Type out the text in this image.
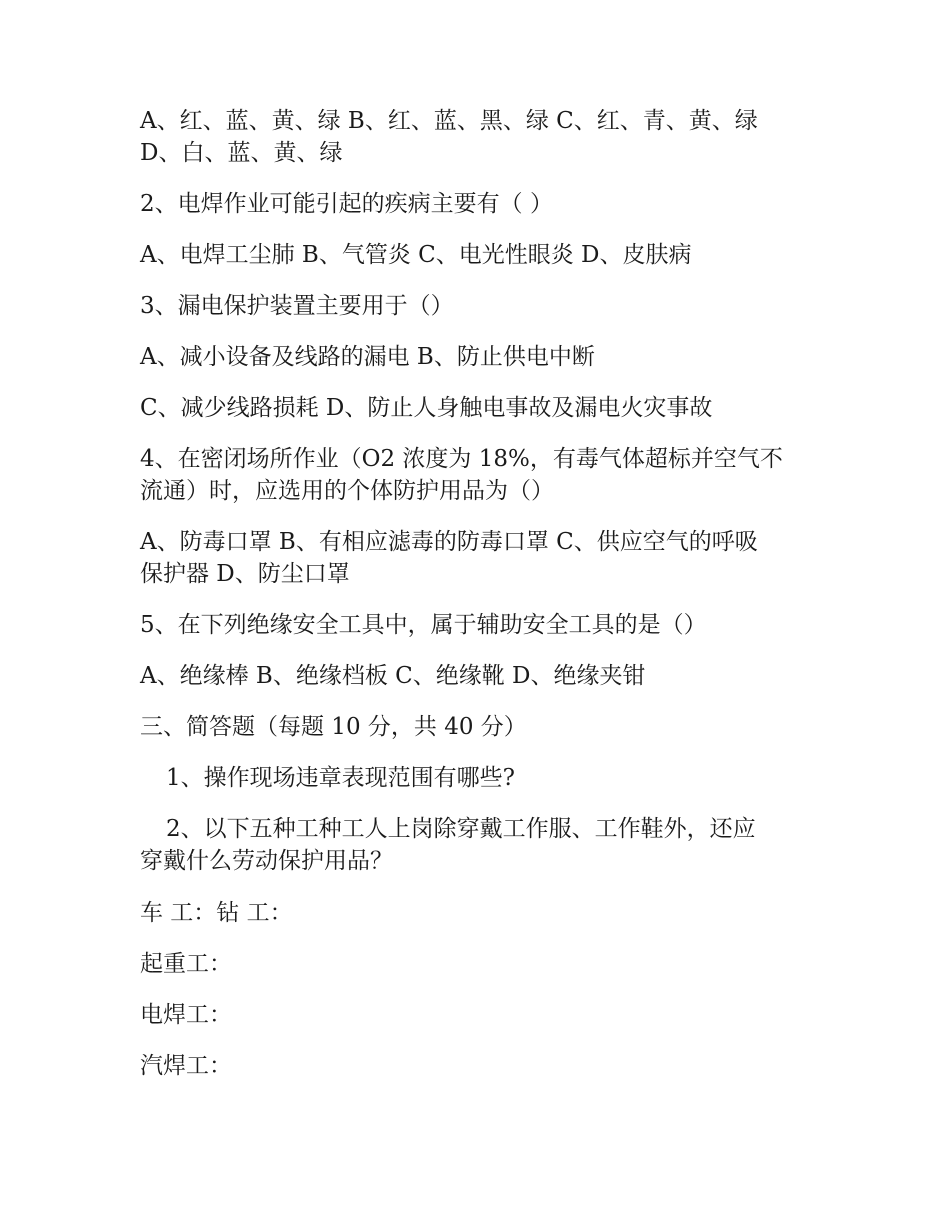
A、红、蓝、黄、绿 B、红、蓝、黑、绿 C、红、青、黄、绿
D、白、蓝、黄、绿

2、电焊作业可能引起的疾病主要有（ ）

A、电焊工尘肺 B、气管炎 C、电光性眼炎 D、皮肤病

3、漏电保护装置主要用于（）

A、减小设备及线路的漏电 B、防止供电中断

C、减少线路损耗 D、防止人身触电事故及漏电火灾事故

4、在密闭场所作业（O2 浓度为 18%，有毒气体超标并空气不
流通）时，应选用的个体防护用品为（）

A、防毒口罩 B、有相应滤毒的防毒口罩 C、供应空气的呼吸
保护器 D、防尘口罩

5、在下列绝缘安全工具中，属于辅助安全工具的是（）

A、绝缘棒 B、绝缘档板 C、绝缘靴 D、绝缘夹钳

三、简答题（每题 10 分，共 40 分）

1、操作现场违章表现范围有哪些?

2、以下五种工种工人上岗除穿戴工作服、工作鞋外，还应

穿戴什么劳动保护用品？

车 工：钻 工：

起重工：

电焊工：

汽焊工：
